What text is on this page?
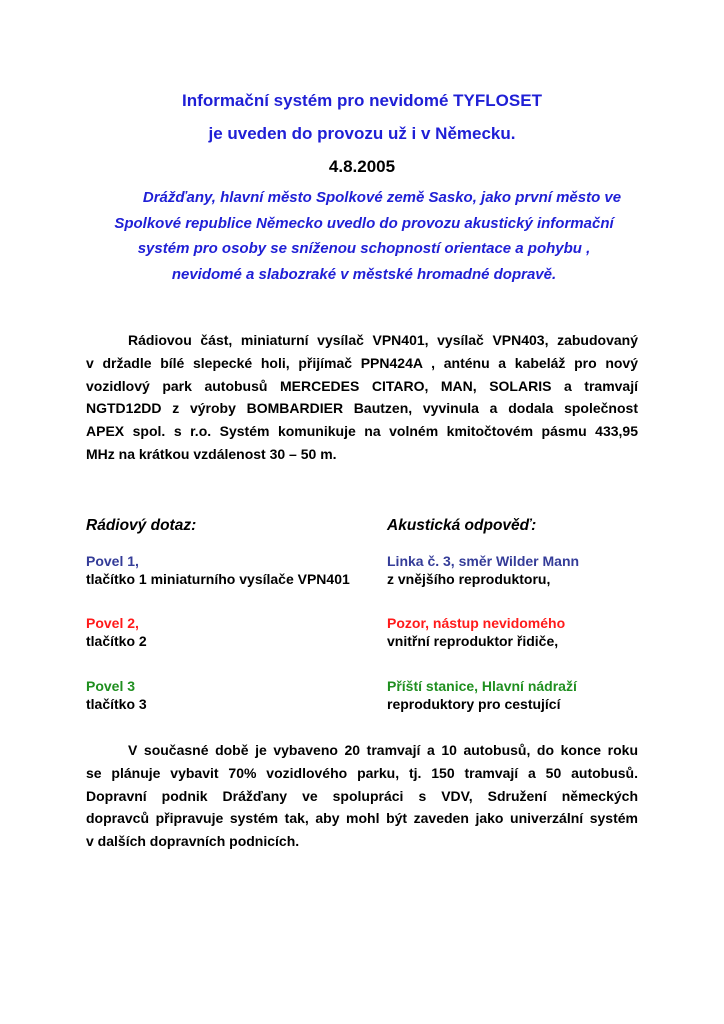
Informační systém pro nevidomé TYFLOSET
je uveden do provozu už i v Německu.
4.8.2005
Drážďany, hlavní město Spolkové země Sasko, jako první město ve
Spolkové republice Německo uvedlo do provozu akustický informační
systém pro osoby se sníženou schopností orientace a pohybu ,
nevidomé a slabozraké v městské hromadné dopravě.
Rádiovou část, miniaturní vysílač VPN401, vysílač VPN403, zabudovaný
v držadle bílé slepecké holi, přijímač PPN424A , anténu a kabeláž pro nový
vozidlový park autobusů MERCEDES CITARO, MAN, SOLARIS a tramvají
NGTD12DD z výroby BOMBARDIER Bautzen, vyvinula a dodala společnost
APEX spol. s r.o. Systém komunikuje na volném kmitočtovém pásmu 433,95
MHz na krátkou vzdálenost 30 – 50 m.
Rádiový dotaz:	Akustická odpověď:
Povel 1,
tlačítko 1 miniaturního vysílače VPN401
Linka č. 3, směr Wilder Mann
z vnějšího reproduktoru,
Povel 2,
tlačítko 2
Pozor, nástup nevidomého
vnitřní reproduktor řidiče,
Povel 3
tlačítko 3
Příští stanice, Hlavní nádraží
reproduktory pro cestující
V současné době je vybaveno 20 tramvají a 10 autobusů, do konce roku
se plánuje vybavit 70% vozidlového parku, tj. 150 tramvají a 50 autobusů.
Dopravní podnik Drážďany ve spolupráci s VDV, Sdružení německých
dopravců připravuje systém tak, aby mohl být zaveden jako univerzální systém
v dalších dopravních podnicích.
